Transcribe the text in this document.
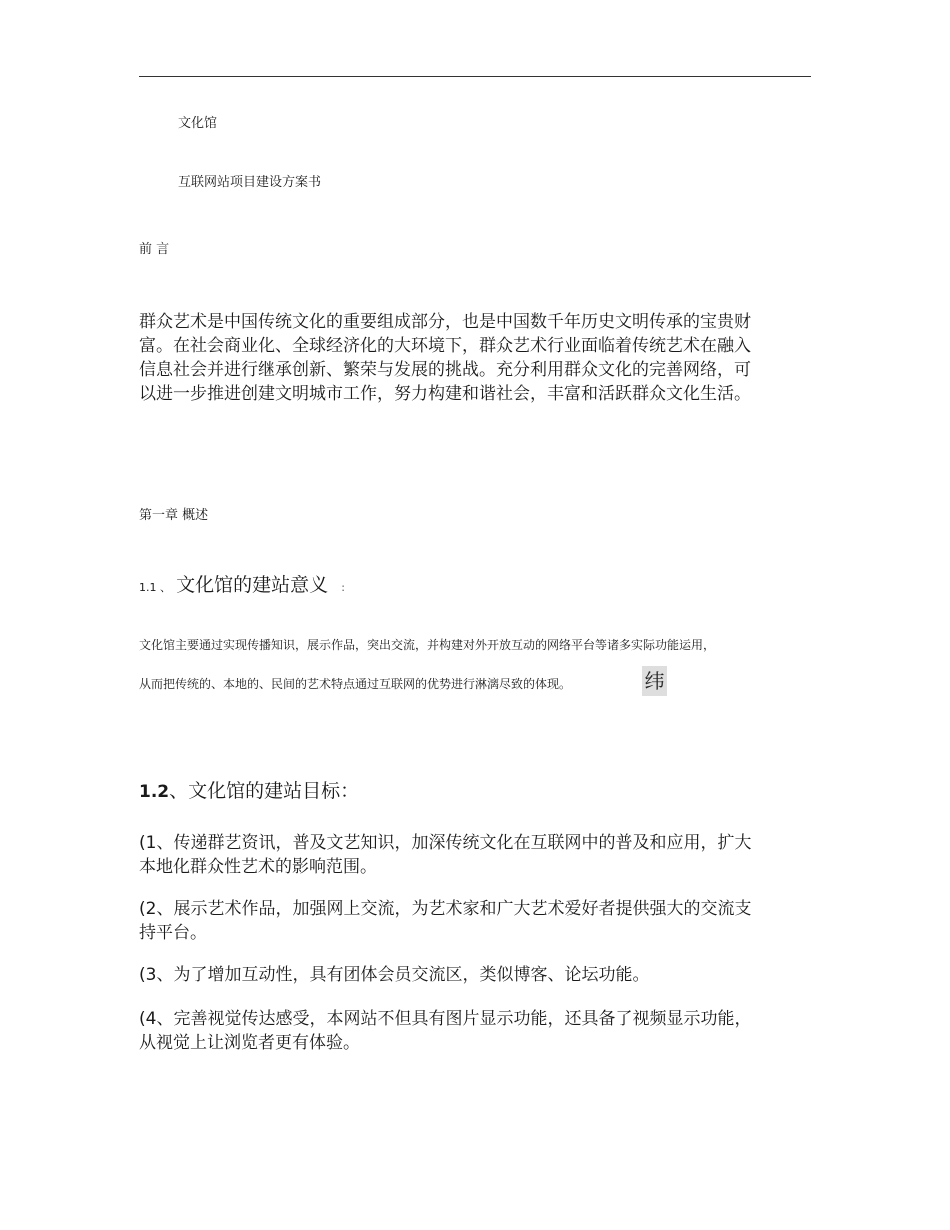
文化馆

互联网站项目建设方案书

前 言

群众艺术是中国传统文化的重要组成部分，也是中国数千年历史文明传承的宝贵财
富。在社会商业化、全球经济化的大环境下，群众艺术行业面临着传统艺术在融入
信息社会并进行继承创新、繁荣与发展的挑战。充分利用群众文化的完善网络，可
以进一步推进创建文明城市工作，努力构建和谐社会，丰富和活跃群众文化生活。

第一章 概述

1.1 、 文化馆的建站意义 :

文化馆主要通过实现传播知识，展示作品，突出交流，并构建对外开放互动的网络平台等诸多实际功能运用，

从而把传统的、本地的、民间的艺术特点通过互联网的优势进行淋漓尽致的体现。	纬
1.2、文化馆的建站目标：
(1、传递群艺资讯，普及文艺知识，加深传统文化在互联网中的普及和应用，扩大
本地化群众性艺术的影响范围。
(2、展示艺术作品，加强网上交流，为艺术家和广大艺术爱好者提供强大的交流支
持平台。
(3、为了增加互动性，具有团体会员交流区，类似博客、论坛功能。
(4、完善视觉传达感受，本网站不但具有图片显示功能，还具备了视频显示功能，
从视觉上让浏览者更有体验。
